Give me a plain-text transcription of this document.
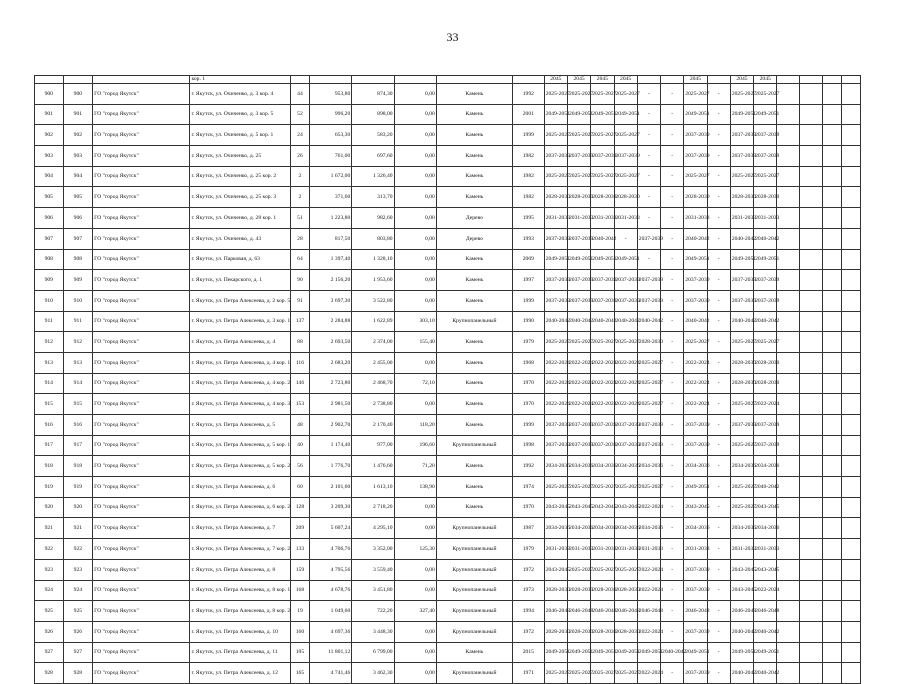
33
			кор. 1							2045	2045	2045	2045			2045		2045	2045				
900	900	ГО "город Якутск"	г. Якутск, ул. Очиченко, д. 3 кор. 4	44	953,80	874,30	0,00	Камень	1992	2025-2027	2025-2027	2025-2027	2025-2027	-	-	2025-2027	-	2025-2027	2025-2027				
901	901	ГО "город Якутск"	г. Якутск, ул. Очиченко, д. 3 кор. 5	52	996,20	898,00	0,00	Камень	2001	2049-2051	2049-2051	2049-2051	2049-2051	-	-	2049-2051	-	2049-2051	2049-2051				
902	902	ГО "город Якутск"	г. Якутск, ул. Очиченко, д. 5 кор. 1	24	653,30	583,20	0,00	Камень	1999	2025-2027	2025-2027	2025-2027	2025-2027	-	-	2037-2039	-	2037-2039	2037-2039				
903	903	ГО "город Якутск"	г. Якутск, ул. Очиченко, д. 25	26	761,00	697,60	0,00	Камень	1982	2037-2039	2037-2039	2037-2039	2037-2039	-	-	2037-2039	-	2037-2039	2037-2039				
904	904	ГО "город Якутск"	г. Якутск, ул. Очиченко, д. 25 кор. 2	2	1 672,00	1 326,40	0,00	Камень	1982	2025-2027	2025-2027	2025-2027	2025-2027	-	-	2025-2027	-	2025-2027	2025-2027				
905	905	ГО "город Якутск"	г. Якутск, ул. Очиченко, д. 25 кор. 3	2	371,60	313,70	0,00	Камень	1982	2028-2030	2028-2030	2028-2030	2028-2030	-	-	2028-2030	-	2028-2030	2028-2030				
906	906	ГО "город Якутск"	г. Якутск, ул. Очиченко, д. 28 кор. 1	51	1 223,80	982,60	0,00	Дерево	1995	2031-2033	2031-2033	2031-2033	2031-2033	-	-	2031-2033	-	2031-2033	2031-2033				
907	907	ГО "город Якутск"	г. Якутск, ул. Очиченко, д. 43	28	817,50	803,80	0,00	Дерево	1993	2037-2039	2037-2039	2040-2042	-	2037-2039	-	2040-2042	-	2040-2042	2040-2042				
908	908	ГО "город Якутск"	г. Якутск, ул. Парковая, д. 63	64	1 397,40	1 328,10	0,00	Камень	2009	2049-2051	2049-2051	2049-2051	2049-2051	-	-	2049-2051	-	2049-2051	2049-2051				
909	909	ГО "город Якутск"	г. Якутск, ул. Пекарского, д. 1	90	2 156,20	1 953,60	0,00	Камень	1997	2037-2039	2037-2039	2037-2039	2037-2039	2037-2039	-	2037-2039	-	2037-2039	2037-2039				
910	910	ГО "город Якутск"	г. Якутск, ул. Петра Алексеева, д. 2 кор. 5	91	3 697,30	3 522,80	0,00	Камень	1999	2037-2039	2037-2039	2037-2039	2037-2039	2037-2039	-	2037-2039	-	2037-2039	2037-2039				
911	911	ГО "город Якутск"	г. Якутск, ул. Петра Алексеева, д. 3 кор. 1	137	2 284,88	1 622,89	303,10	Крупнопанельный	1990	2040-2042	2040-2042	2040-2042	2040-2042	2040-2042	-	2040-2042	-	2040-2042	2040-2042				
912	912	ГО "город Якутск"	г. Якутск, ул. Петра Алексеева, д. 4	88	2 693,50	2 374,00	155,40	Камень	1979	2025-2027	2025-2027	2025-2027	2025-2027	2028-2030	-	2025-2027	-	2025-2027	2025-2027				
913	913	ГО "город Якутск"	г. Якутск, ул. Петра Алексеева, д. 4 кор. 1	116	2 683,20	2 455,00	0,00	Камень	1968	2022-2024	2022-2024	2022-2024	2022-2024	2025-2027	-	2022-2024	-	2028-2030	2028-2030				
914	914	ГО "город Якутск"	г. Якутск, ул. Петра Алексеева, д. 4 кор. 2	146	2 723,80	2 468,70	72,10	Камень	1970	2022-2024	2022-2024	2022-2024	2022-2024	2025-2027	-	2022-2024	-	2028-2030	2028-2030				
915	915	ГО "город Якутск"	г. Якутск, ул. Петра Алексеева, д. 4 кор. 3	153	2 981,50	2 738,80	0,00	Камень	1970	2022-2024	2022-2024	2022-2024	2022-2024	2025-2027	-	2022-2024	-	2025-2027	2022-2024				
916	916	ГО "город Якутск"	г. Якутск, ул. Петра Алексеева, д. 5	48	2 902,70	2 170,40	118,20	Камень	1999	2037-2039	2037-2039	2037-2039	2037-2039	2037-2039	-	2037-2039	-	2037-2039	2037-2039				
917	917	ГО "город Якутск"	г. Якутск, ул. Петра Алексеева, д. 5 кор. 1	40	1 174,40	977,00	196,60	Крупнопанельный	1998	2037-2039	2037-2039	2037-2039	2037-2039	2037-2039	-	2037-2039	-	2025-2027	2037-2039				
918	918	ГО "город Якутск"	г. Якутск, ул. Петра Алексеева, д. 5 кор. 2	56	1 776,70	1 476,60	71,20	Камень	1992	2034-2036	2034-2036	2034-2036	2034-2036	2034-2036	-	2034-2036	-	2034-2036	2034-2036				
919	919	ГО "город Якутск"	г. Якутск, ул. Петра Алексеева, д. 6	60	2 101,60	1 613,10	138,90	Камень	1974	2025-2027	2025-2027	2025-2027	2025-2027	2025-2027	-	2049-2051	-	2025-2027	2040-2042				
920	920	ГО "город Якутск"	г. Якутск, ул. Петра Алексеева, д. 6 кор. 2	128	3 209,30	2 718,20	0,00	Камень	1970	2043-2045	2043-2045	2043-2045	2043-2045	2022-2024	-	2043-2045	-	2025-2027	2043-2045				
921	921	ГО "город Якутск"	г. Якутск, ул. Петра Алексеева, д. 7	209	5 607,24	4 295,10	0,00	Крупнопанельный	1987	2034-2036	2034-2036	2034-2036	2034-2036	2034-2036	-	2034-2036	-	2034-2036	2034-2036				
922	922	ГО "город Якутск"	г. Якутск, ул. Петра Алексеева, д. 7 кор. 2	133	4 706,76	3 352,00	125,30	Крупнопанельный	1979	2031-2033	2031-2033	2031-2033	2031-2033	2031-2033	-	2031-2033	-	2031-2033	2031-2033				
923	923	ГО "город Якутск"	г. Якутск, ул. Петра Алексеева, д. 8	159	4 795,56	3 559,40	0,00	Крупнопанельный	1972	2043-2045	2025-2027	2025-2027	2025-2027	2022-2024	-	2037-2039	-	2043-2045	2043-2045				
924	924	ГО "город Якутск"	г. Якутск, ул. Петра Алексеева, д. 8 кор. 1	168	4 678,76	3 451,80	0,00	Крупнопанельный	1973	2028-2030	2028-2030	2028-2030	2028-2030	2022-2024	-	2037-2039	-	2043-2045	2022-2024				
925	925	ГО "город Якутск"	г. Якутск, ул. Петра Алексеева, д. 8 кор. 2	19	1 049,60	722,20	327,40	Крупнопанельный	1994	2046-2048	2046-2048	2046-2048	2046-2048	2046-2048	-	2046-2048	-	2046-2048	2046-2048				
926	926	ГО "город Якутск"	г. Якутск, ул. Петра Алексеева, д. 10	160	4 697,36	3 448,30	0,00	Крупнопанельный	1972	2028-2030	2028-2030	2028-2030	2028-2030	2022-2024	-	2037-2039	-	2040-2042	2040-2042				
927	927	ГО "город Якутск"	г. Якутск, ул. Петра Алексеева, д. 11	105	11 801,12	6 799,00	0,00	Камень	2015	2049-2051	2049-2051	2049-2051	2049-2051	2049-2051	2040-2042	2049-2051	-	2049-2051	2049-2051				
928	928	ГО "город Якутск"	г. Якутск, ул. Петра Алексеева, д. 12	165	4 741,46	3 462,30	0,00	Крупнопанельный	1971	2025-2027	2025-2027	2025-2027	2025-2027	2022-2024	-	2037-2039	-	2040-2042	2040-2042				
